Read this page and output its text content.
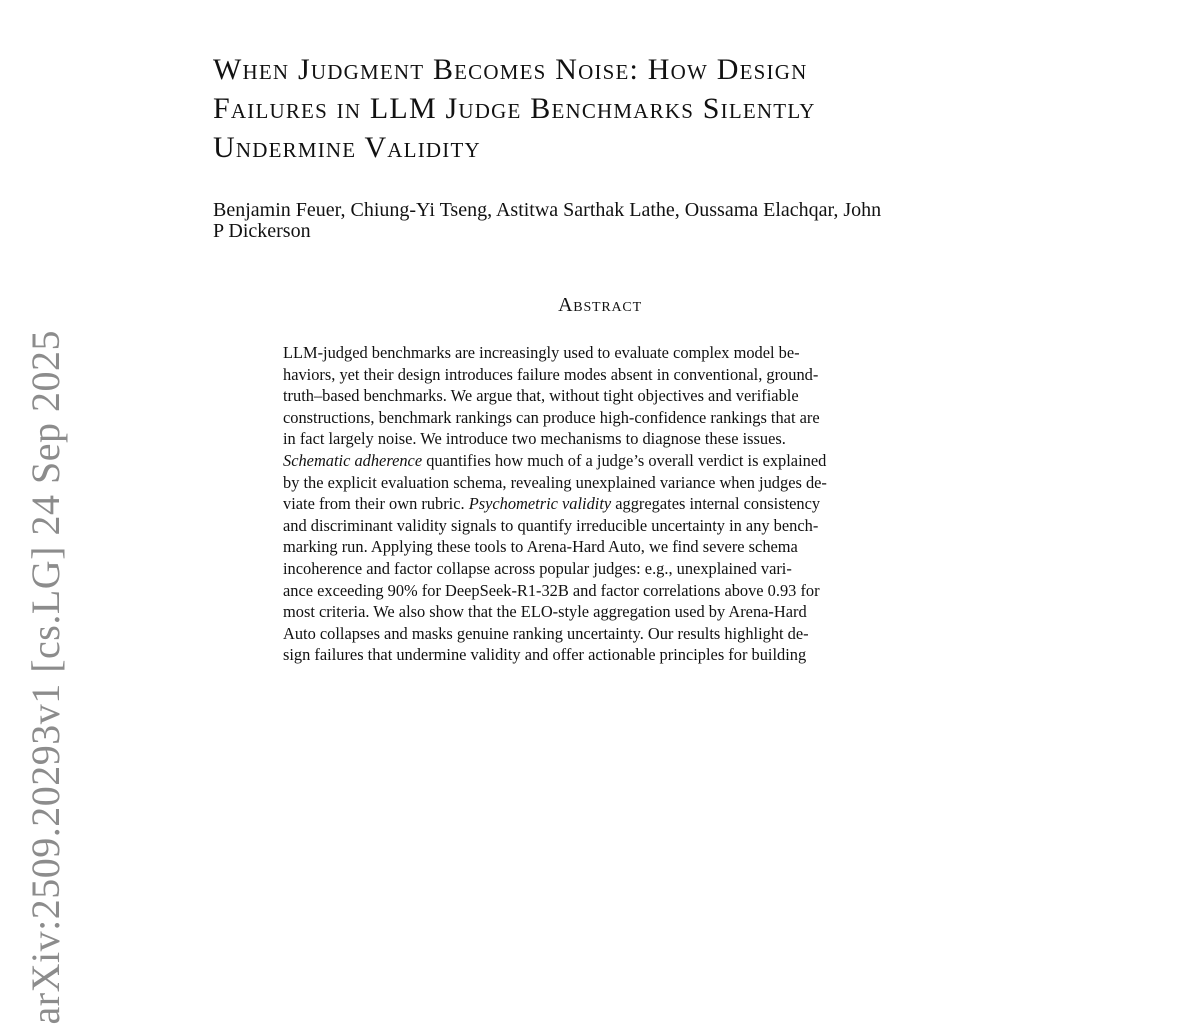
arXiv:2509.20293v1 [cs.LG] 24 Sep 2025
When Judgment Becomes Noise: How Design
Failures in LLM Judge Benchmarks Silently
Undermine Validity
Benjamin Feuer, Chiung-Yi Tseng, Astitwa Sarthak Lathe, Oussama Elachqar, John
P Dickerson
Abstract
LLM-judged benchmarks are increasingly used to evaluate complex model be-
haviors, yet their design introduces failure modes absent in conventional, ground-
truth–based benchmarks. We argue that, without tight objectives and verifiable
constructions, benchmark rankings can produce high-confidence rankings that are
in fact largely noise. We introduce two mechanisms to diagnose these issues.
Schematic adherence quantifies how much of a judge’s overall verdict is explained
by the explicit evaluation schema, revealing unexplained variance when judges de-
viate from their own rubric. Psychometric validity aggregates internal consistency
and discriminant validity signals to quantify irreducible uncertainty in any bench-
marking run. Applying these tools to Arena-Hard Auto, we find severe schema
incoherence and factor collapse across popular judges: e.g., unexplained vari-
ance exceeding 90% for DeepSeek-R1-32B and factor correlations above 0.93 for
most criteria. We also show that the ELO-style aggregation used by Arena-Hard
Auto collapses and masks genuine ranking uncertainty. Our results highlight de-
sign failures that undermine validity and offer actionable principles for building
